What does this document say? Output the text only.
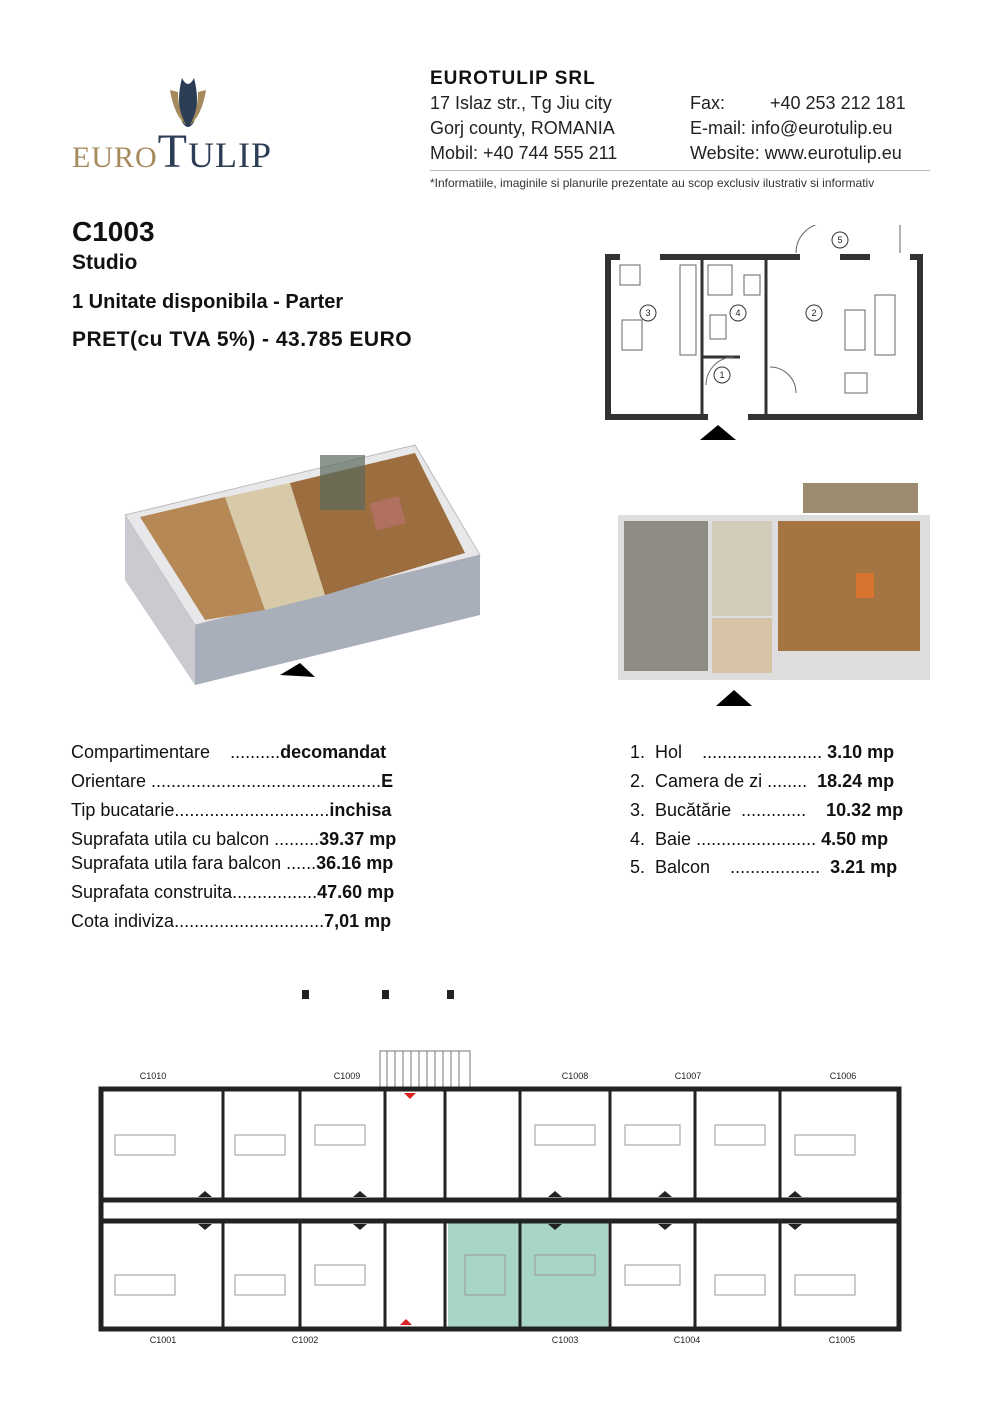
EUROTULIP
EUROTULIP SRL
17 Islaz str., Tg Jiu city
Gorj county, ROMANIA
Mobil: +40 744 555 211
Fax: +40 253 212 181
E-mail: info@eurotulip.eu
Website: www.eurotulip.eu
*Informatiile, imaginile si planurile prezentate au scop exclusiv ilustrativ si informativ
C1003
Studio
1 Unitate disponibila - Parter
PRET(cu TVA 5%) - 43.785 EURO
3	2
4
1
5
Compartimentare ..........decomandat
Orientare ..............................................E
Tip bucatarie...............................inchisa
Suprafata utila cu balcon .........39.37 mp
Suprafata utila fara balcon ......36.16 mp
Suprafata construita.................47.60 mp
Cota indiviza..............................7,01 mp
1. Hol ........................ 3.10 mp
2. Camera de zi ........ 18.24 mp
3. Bucătărie ............. 10.32 mp
4. Baie ........................ 4.50 mp
5. Balcon .................. 3.21 mp
C1010	C1009	C1008	C1007	C1006
C1001	C1002	C1003	C1004	C1005
